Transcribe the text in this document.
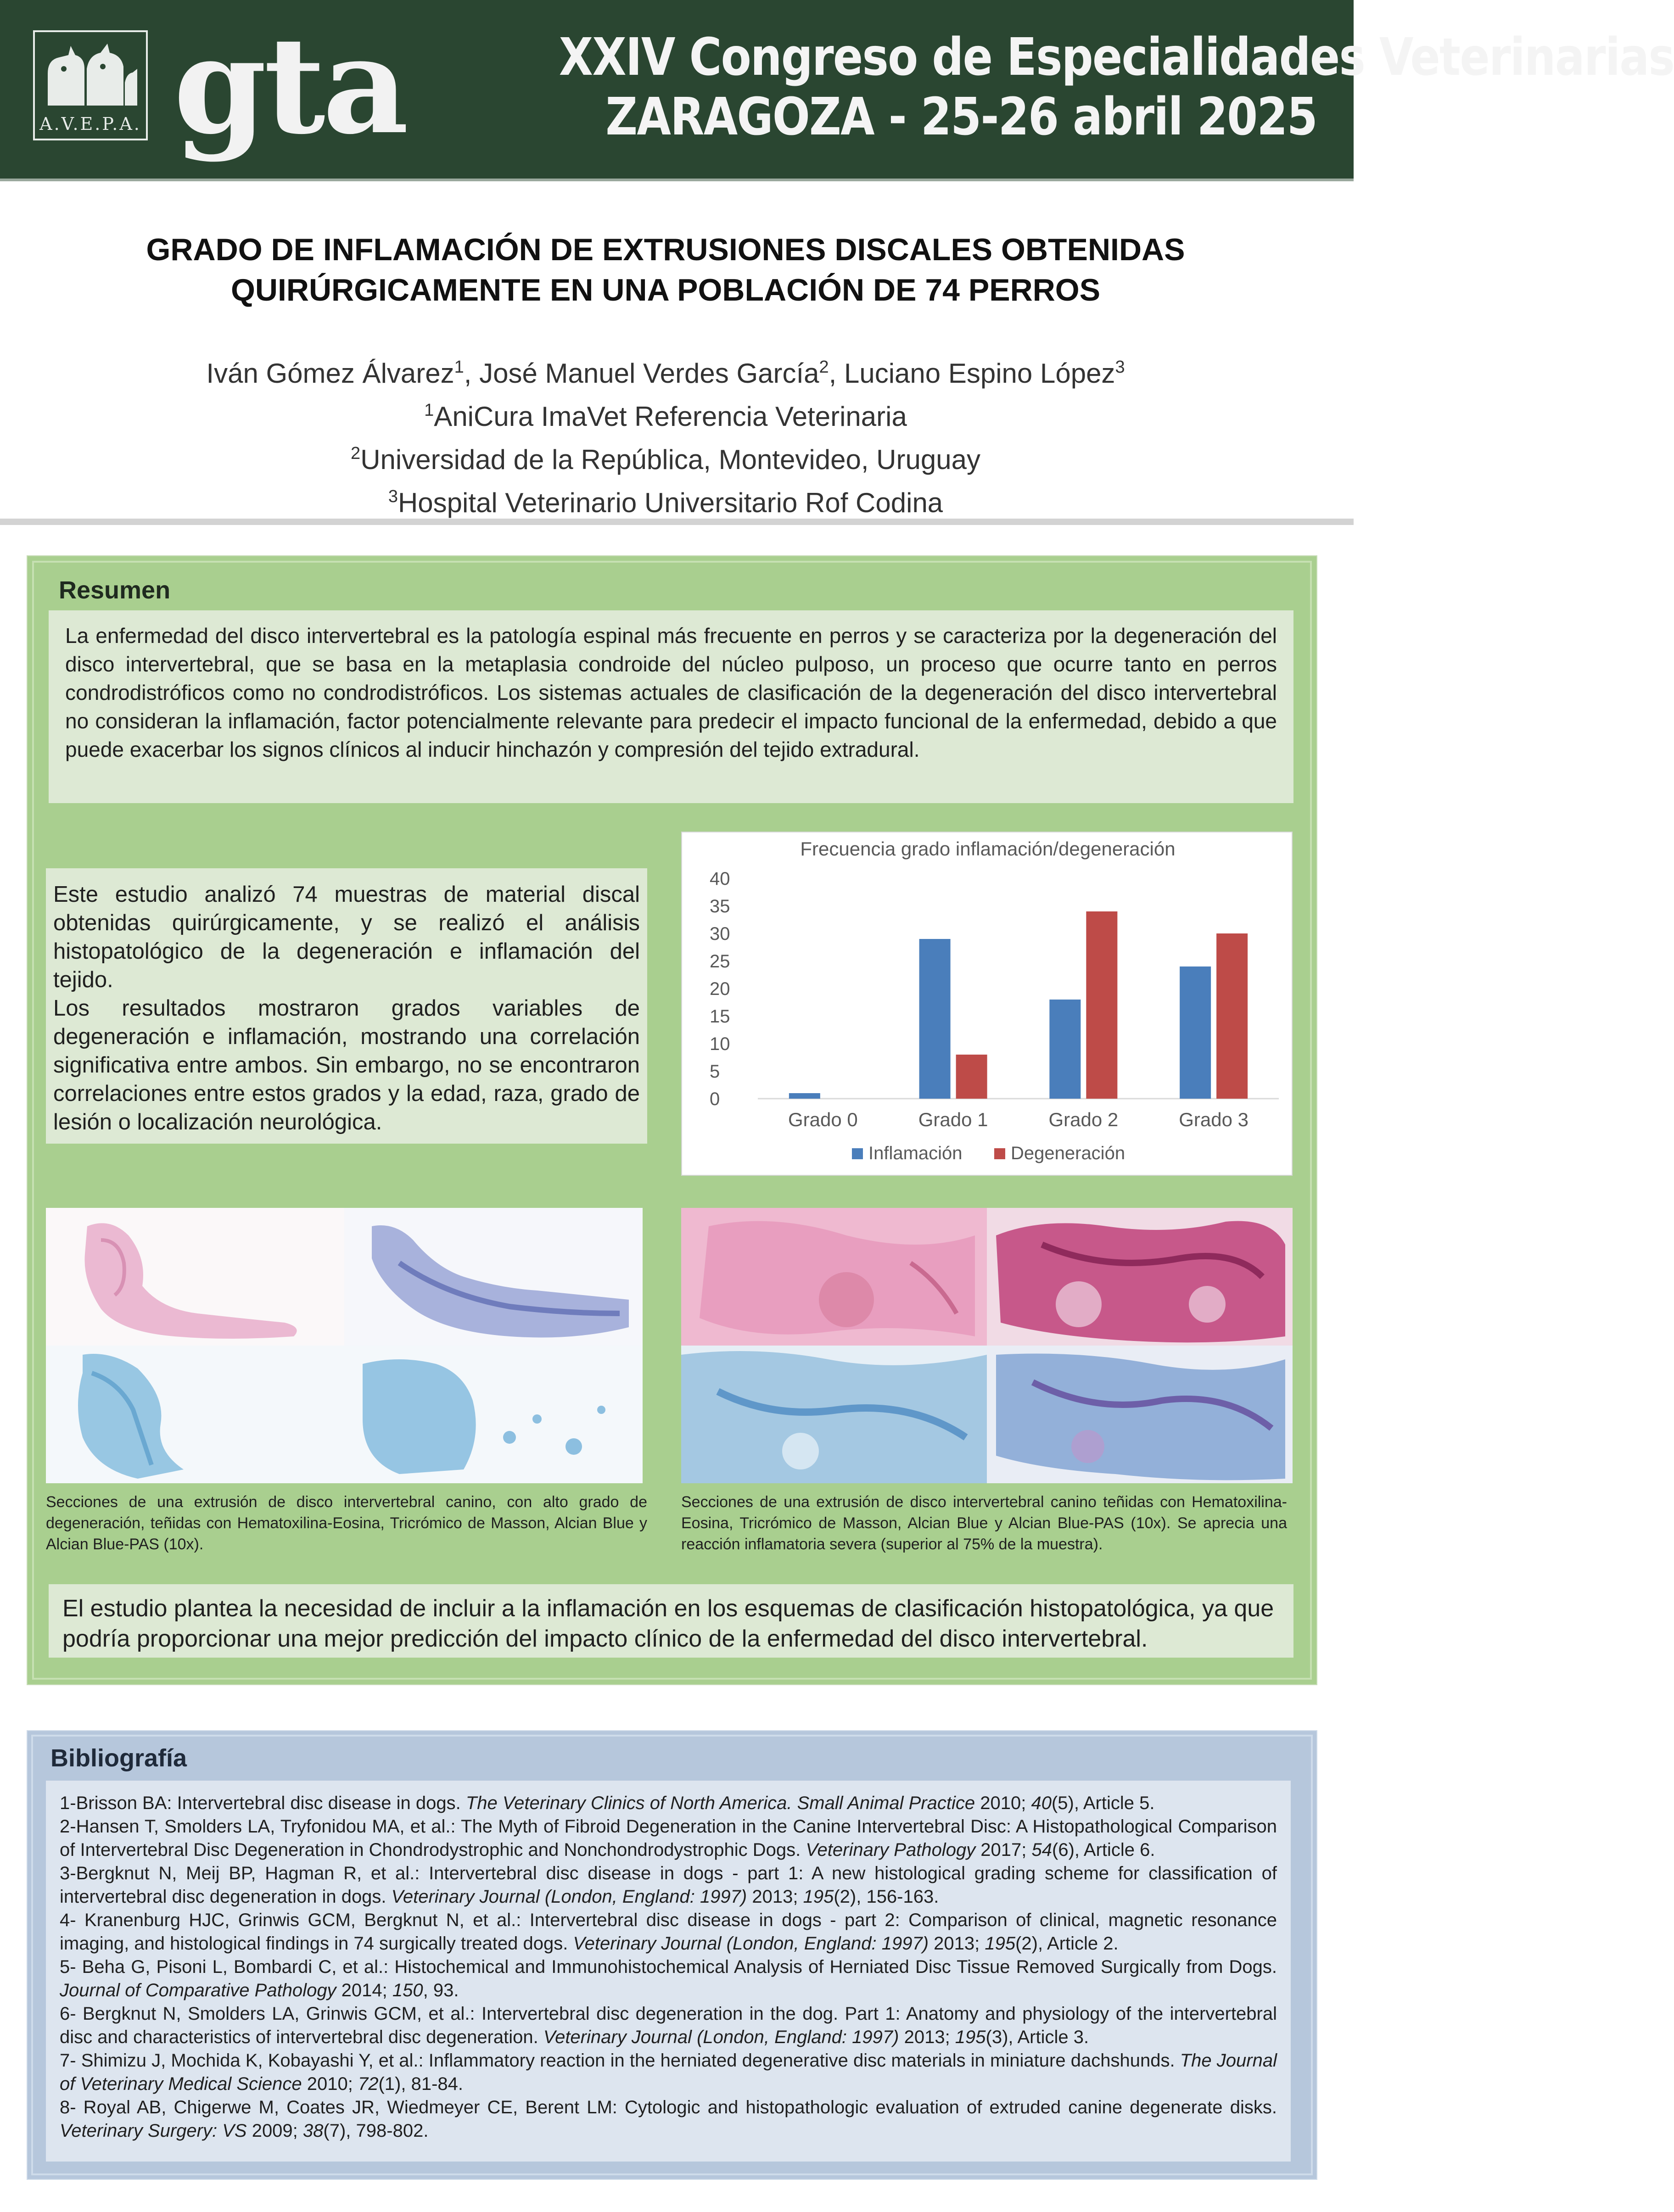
A.V.E.P.A. gta	XXIV Congreso de Especialidades Veterinarias
ZARAGOZA - 25-26 abril 2025
GRADO DE INFLAMACIÓN DE EXTRUSIONES DISCALES OBTENIDAS
QUIRÚRGICAMENTE EN UNA POBLACIÓN DE 74 PERROS
Iván Gómez Álvarez$^1$, José Manuel Verdes García$^2$, Luciano Espino López$^3$
$^1$AniCura ImaVet Referencia Veterinaria
$^2$Universidad de la República, Montevideo, Uruguay
$^3$Hospital Veterinario Universitario Rof Codina
Resumen
La enfermedad del disco intervertebral es la patología espinal más frecuente en perros y se caracteriza por la degeneración del disco intervertebral, que se basa en la metaplasia condroide del núcleo pulposo, un proceso que ocurre tanto en perros condrodistróficos como no condrodistróficos. Los sistemas actuales de clasificación de la degeneración del disco intervertebral no consideran la inflamación, factor potencialmente relevante para predecir el impacto funcional de la enfermedad, debido a que puede exacerbar los signos clínicos al inducir hinchazón y compresión del tejido extradural.

Este estudio analizó 74 muestras de material discal obtenidas quirúrgicamente, y se realizó el análisis histopatológico de la degeneración e inflamación del tejido.

Los resultados mostraron grados variables de degeneración e inflamación, mostrando una correlación significativa entre ambos. Sin embargo, no se encontraron correlaciones entre estos grados y la edad, raza, grado de lesión o localización neurológica.

Frecuencia grado inflamación/degeneración
0
5
10
15
20
25
30
35
40
Grado 0	Grado 1	Grado 2	Grado 3
Inflamación	Degeneración
Secciones de una extrusión de disco intervertebral canino, con alto grado de degeneración, teñidas con Hematoxilina-Eosina, Tricrómico de Masson, Alcian Blue y Alcian Blue-PAS (10x).
Secciones de una extrusión de disco intervertebral canino teñidas con Hematoxilina-Eosina, Tricrómico de Masson, Alcian Blue y Alcian Blue-PAS (10x). Se aprecia una reacción inflamatoria severa (superior al 75% de la muestra).
El estudio plantea la necesidad de incluir a la inflamación en los esquemas de clasificación histopatológica, ya que podría proporcionar una mejor predicción del impacto clínico de la enfermedad del disco intervertebral.
Bibliografía

1-Brisson BA: Intervertebral disc disease in dogs. The Veterinary Clinics of North America. Small Animal Practice 2010; 40(5), Article 5.

2-Hansen T, Smolders LA, Tryfonidou MA, et al.: The Myth of Fibroid Degeneration in the Canine Intervertebral Disc: A Histopathological Comparison of Intervertebral Disc Degeneration in Chondrodystrophic and Nonchondrodystrophic Dogs. Veterinary Pathology 2017; 54(6), Article 6.

3-Bergknut N, Meij BP, Hagman R, et al.: Intervertebral disc disease in dogs - part 1: A new histological grading scheme for classification of intervertebral disc degeneration in dogs. Veterinary Journal (London, England: 1997) 2013; 195(2), 156-163.

4- Kranenburg HJC, Grinwis GCM, Bergknut N, et al.: Intervertebral disc disease in dogs - part 2: Comparison of clinical, magnetic resonance imaging, and histological findings in 74 surgically treated dogs. Veterinary Journal (London, England: 1997) 2013; 195(2), Article 2.

5- Beha G, Pisoni L, Bombardi C, et al.: Histochemical and Immunohistochemical Analysis of Herniated Disc Tissue Removed Surgically from Dogs. Journal of Comparative Pathology 2014; 150, 93.

6- Bergknut N, Smolders LA, Grinwis GCM, et al.: Intervertebral disc degeneration in the dog. Part 1: Anatomy and physiology of the intervertebral disc and characteristics of intervertebral disc degeneration. Veterinary Journal (London, England: 1997) 2013; 195(3), Article 3.

7- Shimizu J, Mochida K, Kobayashi Y, et al.: Inflammatory reaction in the herniated degenerative disc materials in miniature dachshunds. The Journal of Veterinary Medical Science 2010; 72(1), 81-84.

8- Royal AB, Chigerwe M, Coates JR, Wiedmeyer CE, Berent LM: Cytologic and histopathologic evaluation of extruded canine degenerate disks. Veterinary Surgery: VS 2009; 38(7), 798-802.
